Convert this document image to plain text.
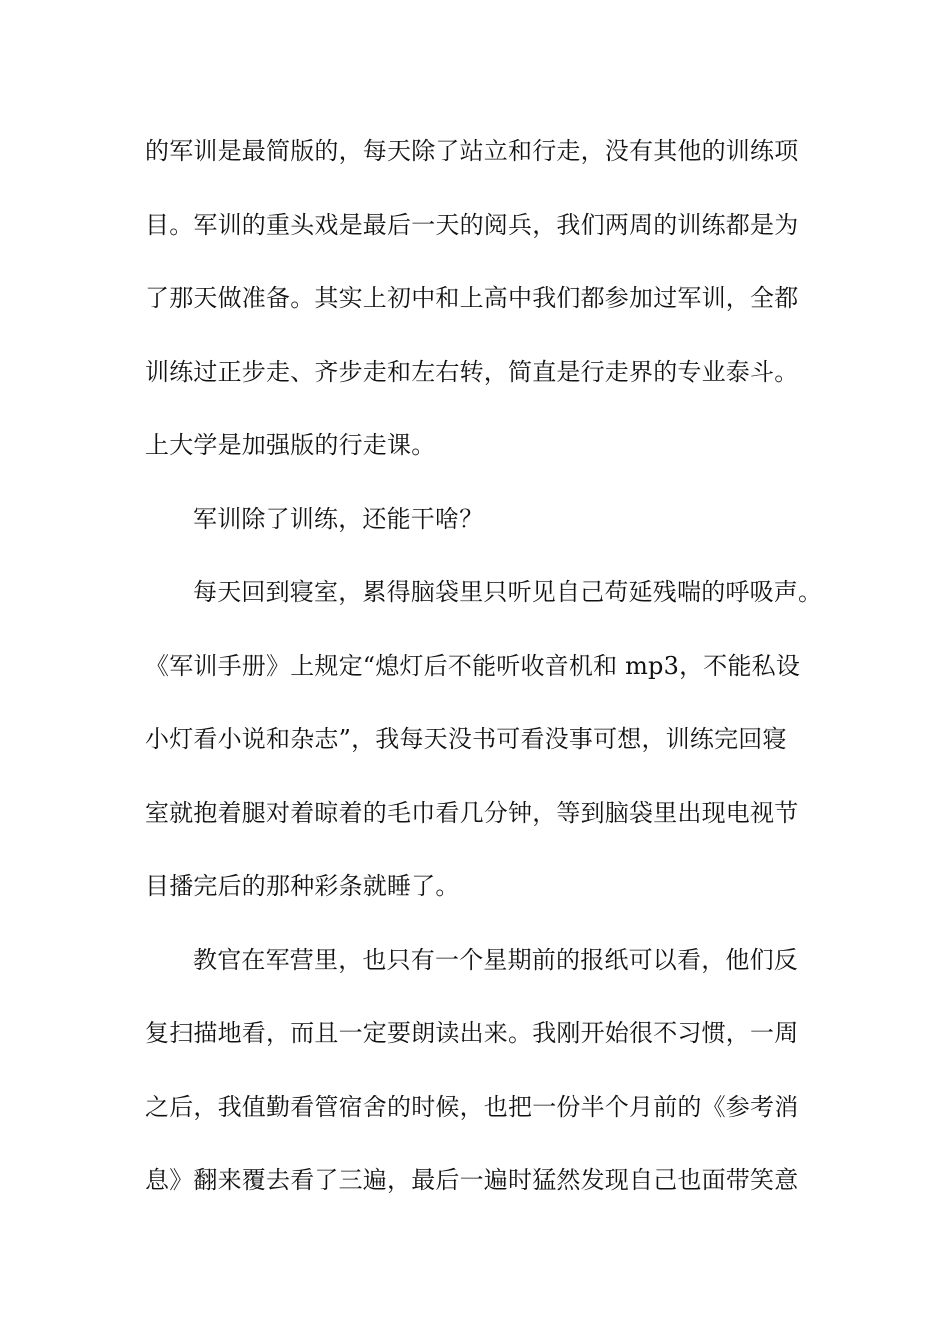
的军训是最简版的，每天除了站立和行走，没有其他的训练项
目。军训的重头戏是最后一天的阅兵，我们两周的训练都是为
了那天做准备。其实上初中和上高中我们都参加过军训，全都
训练过正步走、齐步走和左右转，简直是行走界的专业泰斗。
上大学是加强版的行走课。
军训除了训练，还能干啥？
每天回到寝室，累得脑袋里只听见自己苟延残喘的呼吸声。
《军训手册》上规定“熄灯后不能听收音机和 mp3，不能私设
小灯看小说和杂志”，我每天没书可看没事可想，训练完回寝
室就抱着腿对着晾着的毛巾看几分钟，等到脑袋里出现电视节
目播完后的那种彩条就睡了。
教官在军营里，也只有一个星期前的报纸可以看，他们反
复扫描地看，而且一定要朗读出来。我刚开始很不习惯，一周
之后，我值勤看管宿舍的时候，也把一份半个月前的《参考消
息》翻来覆去看了三遍，最后一遍时猛然发现自己也面带笑意
